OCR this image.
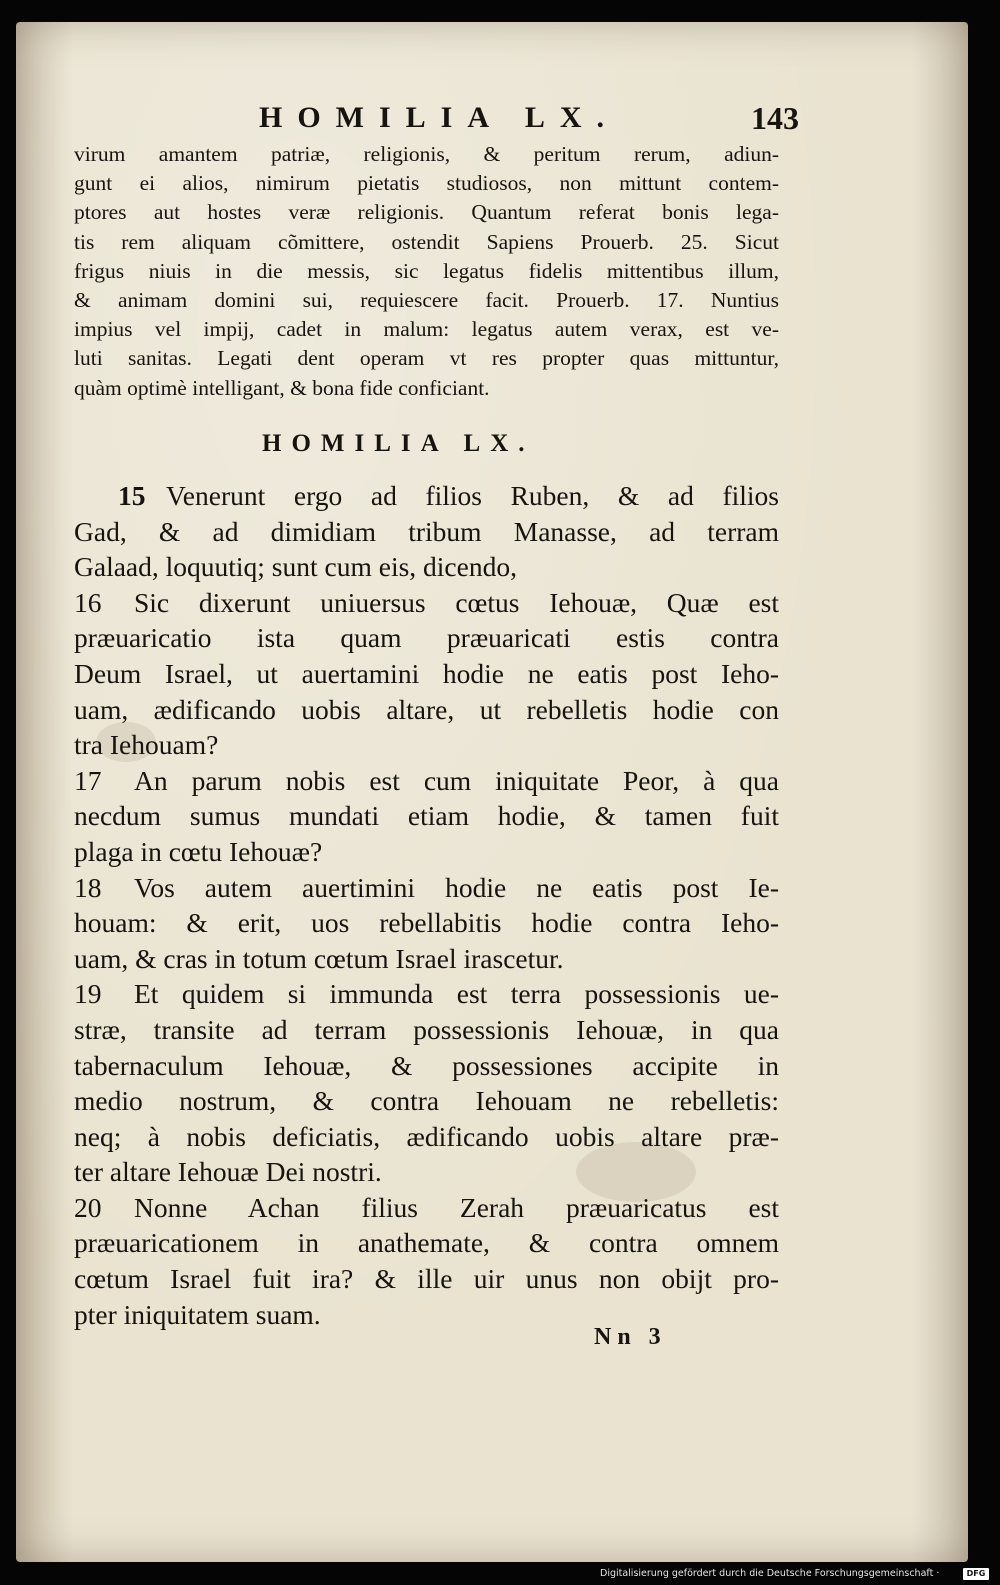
HOMILIA LX.	143
virum amantem patriæ, religionis, & peritum rerum, adiun-
gunt ei alios, nimirum pietatis studiosos, non mittunt contem-
ptores aut hostes veræ religionis. Quantum referat bonis lega-
tis rem aliquam cõmittere, ostendit Sapiens Prouerb. 25. Sicut
frigus niuis in die messis, sic legatus fidelis mittentibus illum,
& animam domini sui, requiescere facit. Prouerb. 17. Nuntius
impius vel impij, cadet in malum: legatus autem verax, est ve-
luti sanitas. Legati dent operam vt res propter quas mittuntur,
quàm optimè intelligant, & bona fide conficiant.
HOMILIA LX.
15 Venerunt ergo ad filios Ruben, & ad filios
Gad, & ad dimidiam tribum Manasse, ad terram
Galaad, loquutiq; sunt cum eis, dicendo,
16 Sic dixerunt uniuersus cœtus Iehouæ, Quæ est
præuaricatio ista quam præuaricati estis contra
Deum Israel, ut auertamini hodie ne eatis post Ieho-
uam, ædificando uobis altare, ut rebelletis hodie con
tra Iehouam?
17 An parum nobis est cum iniquitate Peor, à qua
necdum sumus mundati etiam hodie, & tamen fuit
plaga in cœtu Iehouæ?
18 Vos autem auertimini hodie ne eatis post Ie-
houam: & erit, uos rebellabitis hodie contra Ieho-
uam, & cras in totum cœtum Israel irascetur.
19 Et quidem si immunda est terra possessionis ue-
stræ, transite ad terram possessionis Iehouæ, in qua
tabernaculum Iehouæ, & possessiones accipite in
medio nostrum, & contra Iehouam ne rebelletis:
neq; à nobis deficiatis, ædificando uobis altare præ-
ter altare Iehouæ Dei nostri.
20 Nonne Achan filius Zerah præuaricatus est
præuaricationem in anathemate, & contra omnem
cœtum Israel fuit ira? & ille uir unus non obijt pro-
pter iniquitatem suam.
Nn 3
Digitalisierung gefördert durch die Deutsche Forschungsgemeinschaft ·	DFG
